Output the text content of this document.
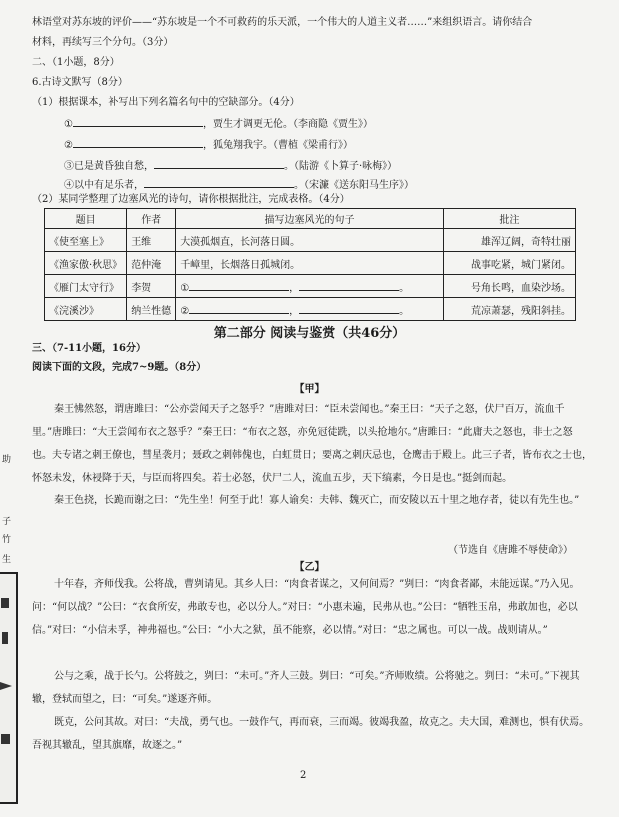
林语堂对苏东坡的评价——“苏东坡是一个不可救药的乐天派，一个伟大的人道主义者……”来组织语言。请你结合
材料，再续写三个分句。（3分）
二、（1小题，8分）
6.古诗文默写（8分）
（1）根据课本，补写出下列名篇名句中的空缺部分。（4分）
①	，贾生才调更无伦。（李商隐《贾生》）
②	，狐兔翔我宇。（曹植《梁甫行》）
③已是黄昏独自愁，	。（陆游《卜算子·咏梅》）
④以中有足乐者，	。（宋濂《送东阳马生序》）
（2）某同学整理了边塞风光的诗句，请你根据批注，完成表格。（4分）
题目	作者	描写边塞风光的句子	批注
《使至塞上》	王维	大漠孤烟直，长河落日圆。	雄浑辽阔，奇特壮丽
《渔家傲·秋思》	范仲淹	千嶂里，长烟落日孤城闭。	战事吃紧，城门紧闭。
《雁门太守行》	李贺	① ， 。	号角长鸣，血染沙场。
《浣溪沙》	纳兰性德	② ， 。	荒凉萧瑟，残阳斜挂。
第二部分 阅读与鉴赏（共46分）
三、（7-11小题，16分）
阅读下面的文段，完成7~9题。（8分）
【甲】
秦王怫然怒，谓唐雎曰：“公亦尝闻天子之怒乎？”唐雎对曰：“臣未尝闻也。”秦王曰：“天子之怒，伏尸百万，流血千里。”唐雎曰：“大王尝闻布衣之怒乎？”秦王曰：“布衣之怒，亦免冠徒跣，以头抢地尔。”唐雎曰：“此庸夫之怒也，非士之怒也。夫专诸之刺王僚也，彗星袭月；聂政之刺韩傀也，白虹贯日；要离之刺庆忌也，仓鹰击于殿上。此三子者，皆布衣之士也，怀怒未发，休祲降于天，与臣而将四矣。若士必怒，伏尸二人，流血五步，天下缟素，今日是也。”挺剑而起。
秦王色挠，长跪而谢之曰：“先生坐！何至于此！寡人谕矣：夫韩、魏灭亡，而安陵以五十里之地存者，徒以有先生也。”
（节选自《唐雎不辱使命》）
【乙】
十年春，齐师伐我。公将战，曹刿请见。其乡人曰：“肉食者谋之，又何间焉？”刿曰：“肉食者鄙，未能远谋。”乃入见。问：“何以战？”公曰：“衣食所安，弗敢专也，必以分人。”对曰：“小惠未遍，民弗从也。”公曰：“牺牲玉帛，弗敢加也，必以信。”对曰：“小信未孚，神弗福也。”公曰：“小大之狱，虽不能察，必以情。”对曰：“忠之属也。可以一战。战则请从。”
公与之乘，战于长勺。公将鼓之，刿曰：“未可。”齐人三鼓。刿曰：“可矣。”齐师败绩。公将驰之。刿曰：“未可。”下视其辙，登轼而望之，曰：“可矣。”遂逐齐师。
既克，公问其故。对曰：“夫战，勇气也。一鼓作气，再而衰，三而竭。彼竭我盈，故克之。夫大国，难测也，惧有伏焉。吾视其辙乱，望其旗靡，故逐之。”
2
助
子
竹
生
